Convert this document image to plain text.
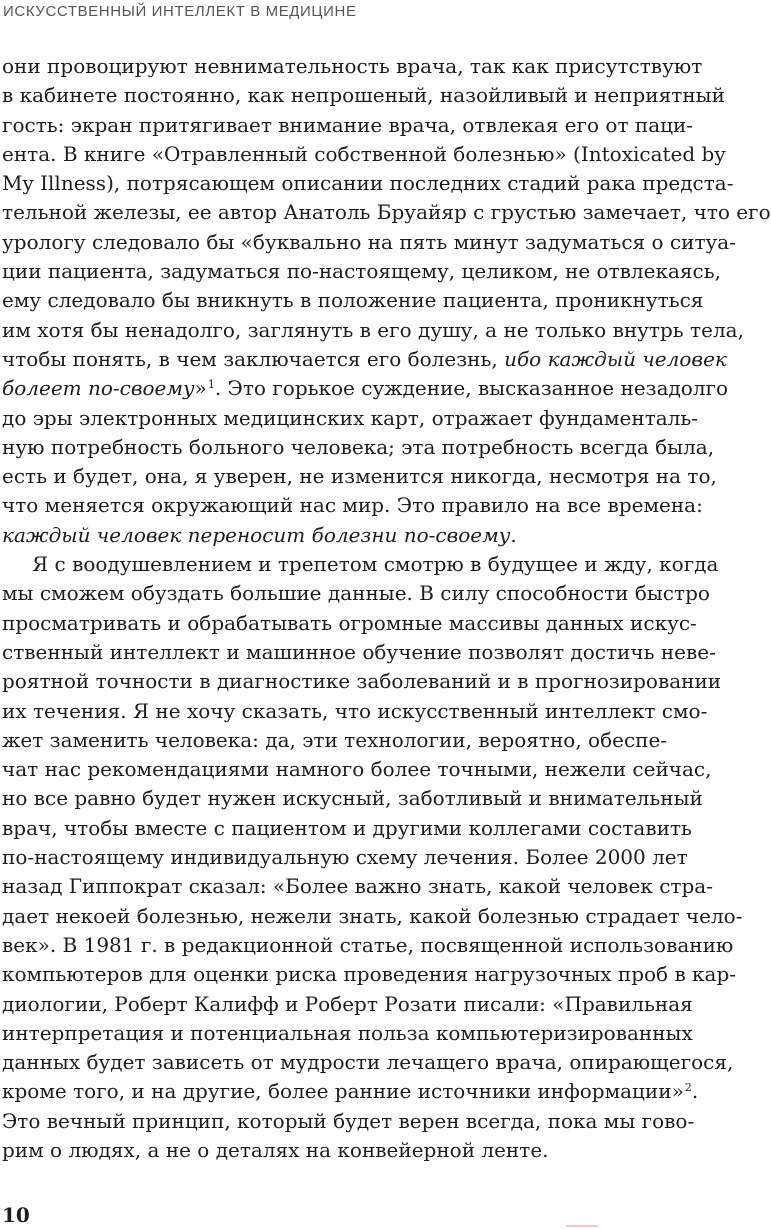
ИСКУССТВЕННЫЙ ИНТЕЛЛЕКТ В МЕДИЦИНЕ
они провоцируют невнимательность врача, так как присутствуют
в кабинете постоянно, как непрошеный, назойливый и неприятный
гость: экран притягивает внимание врача, отвлекая его от паци-
ента. В книге «Отравленный собственной болезнью» (Intoxicated by
My Illness), потрясающем описании последних стадий рака предста-
тельной железы, ее автор Анатоль Бруайяр с грустью замечает, что его
урологу следовало бы «буквально на пять минут задуматься о ситуа-
ции пациента, задуматься по-настоящему, целиком, не отвлекаясь,
ему следовало бы вникнуть в положение пациента, проникнуться
им хотя бы ненадолго, заглянуть в его душу, а не только внутрь тела,
чтобы понять, в чем заключается его болезнь, ибо каждый человек
болеет по-своему»$^1$. Это горькое суждение, высказанное незадолго
до эры электронных медицинских карт, отражает фундаменталь-
ную потребность больного человека; эта потребность всегда была,
есть и будет, она, я уверен, не изменится никогда, несмотря на то,
что меняется окружающий нас мир. Это правило на все времена:
каждый человек переносит болезни по-своему.
Я с воодушевлением и трепетом смотрю в будущее и жду, когда
мы сможем обуздать большие данные. В силу способности быстро
просматривать и обрабатывать огромные массивы данных искус-
ственный интеллект и машинное обучение позволят достичь неве-
роятной точности в диагностике заболеваний и в прогнозировании
их течения. Я не хочу сказать, что искусственный интеллект смо-
жет заменить человека: да, эти технологии, вероятно, обеспе-
чат нас рекомендациями намного более точными, нежели сейчас,
но все равно будет нужен искусный, заботливый и внимательный
врач, чтобы вместе с пациентом и другими коллегами составить
по-настоящему индивидуальную схему лечения. Более 2000 лет
назад Гиппократ сказал: «Более важно знать, какой человек стра-
дает некоей болезнью, нежели знать, какой болезнью страдает чело-
век». В 1981 г. в редакционной статье, посвященной использованию
компьютеров для оценки риска проведения нагрузочных проб в кар-
диологии, Роберт Калифф и Роберт Розати писали: «Правильная
интерпретация и потенциальная польза компьютеризированных
данных будет зависеть от мудрости лечащего врача, опирающегося,
кроме того, и на другие, более ранние источники информации»$^2$.
Это вечный принцип, который будет верен всегда, пока мы гово-
рим о людях, а не о деталях на конвейерной ленте.
10
